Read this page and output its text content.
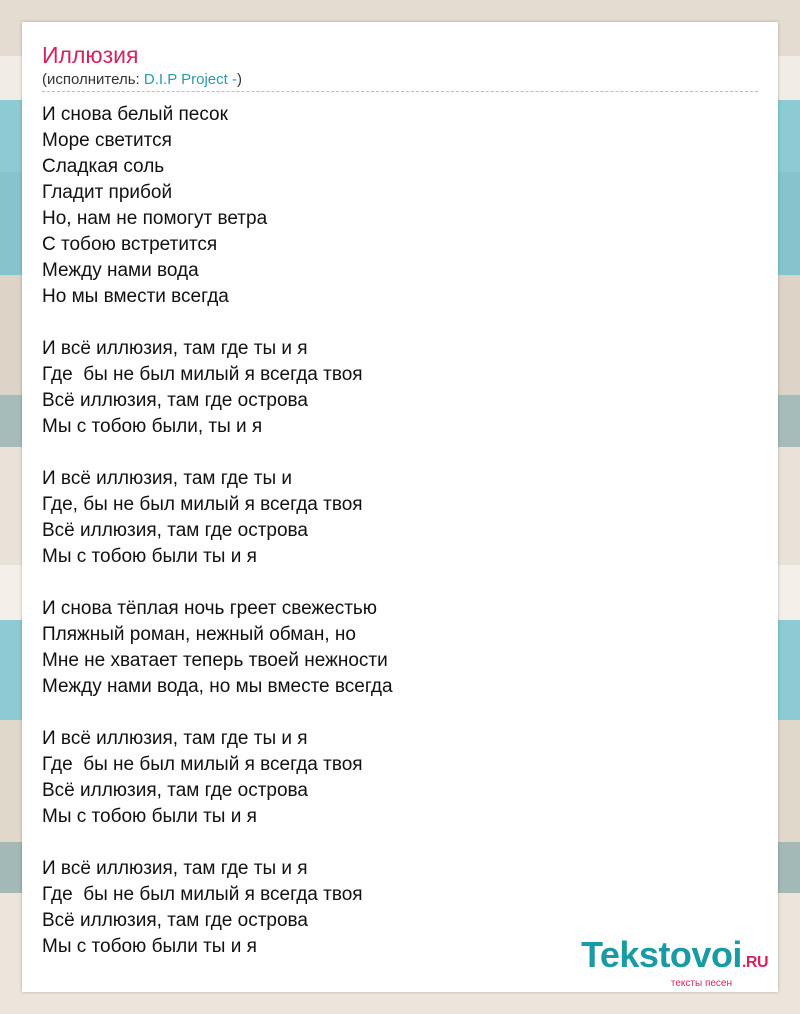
Иллюзия
(исполнитель: D.I.P Project -)
И снова белый песок
Море светится
Сладкая соль
Гладит прибой
Но, нам не помогут ветра
С тобою встретится
Между нами вода
Но мы вмести всегда
И всё иллюзия, там где ты и я
Где  бы не был милый я всегда твоя
Всё иллюзия, там где острова
Мы с тобою были, ты и я
И всё иллюзия, там где ты и
Где, бы не был милый я всегда твоя
Всё иллюзия, там где острова
Мы с тобою были ты и я
И снова тёплая ночь греет свежестью
Пляжный роман, нежный обман, но
Мне не хватает теперь твоей нежности
Между нами вода, но мы вместе всегда
И всё иллюзия, там где ты и я
Где  бы не был милый я всегда твоя
Всё иллюзия, там где острова
Мы с тобою были ты и я
И всё иллюзия, там где ты и я
Где  бы не был милый я всегда твоя
Всё иллюзия, там где острова
Мы с тобою были ты и я	Tekstovoi.RU
тексты песен
